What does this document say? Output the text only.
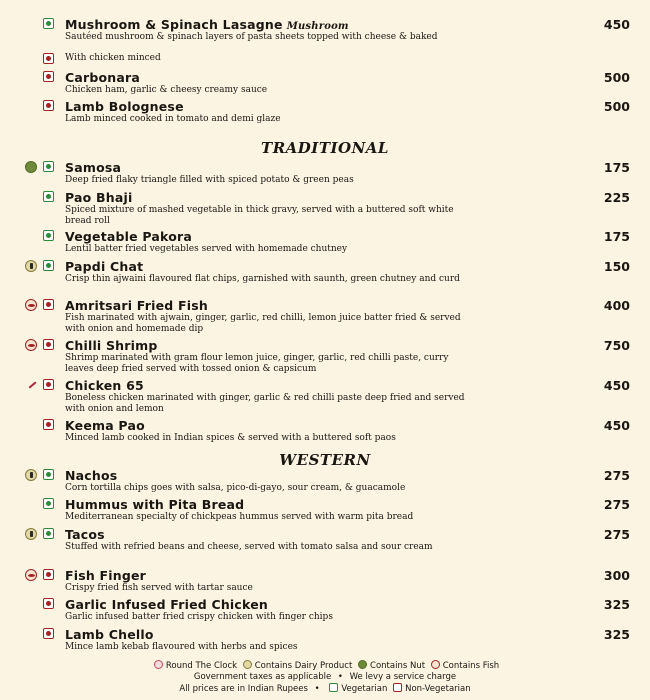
TRADITIONAL
WESTERN
Round The Clock Contains Dairy Product Contains Nut Contains Fish
Government taxes as applicable • We levy a service charge
All prices are in Indian Rupees •	Vegetarian Non-Vegetarian
Mushroom & Spinach Lasagne Mushroom	450
Sautéed mushroom & spinach layers of pasta sheets topped with cheese & baked
With chicken minced
Carbonara	500
Chicken ham, garlic & cheesy creamy sauce
Lamb Bolognese	500
Lamb minced cooked in tomato and demi glaze
Samosa	175
Deep fried flaky triangle filled with spiced potato & green peas
Pao Bhaji	225
Spiced mixture of mashed vegetable in thick gravy, served with a buttered soft white bread roll
Vegetable Pakora	175
Lentil batter fried vegetables served with homemade chutney
Papdi Chat	150
Crisp thin ajwaini flavoured flat chips, garnished with saunth, green chutney and curd
Amritsari Fried Fish	400
Fish marinated with ajwain, ginger, garlic, red chilli, lemon juice batter fried & served with onion and homemade dip
Chilli Shrimp	750
Shrimp marinated with gram flour lemon juice, ginger, garlic, red chilli paste, curry leaves deep fried served with tossed onion & capsicum
Chicken 65	450
Boneless chicken marinated with ginger, garlic & red chilli paste deep fried and served with onion and lemon
Keema Pao	450
Minced lamb cooked in Indian spices & served with a buttered soft paos
Nachos	275
Corn tortilla chips goes with salsa, pico-di-gayo, sour cream, & guacamole
Hummus with Pita Bread	275
Mediterranean specialty of chickpeas hummus served with warm pita bread
Tacos	275
Stuffed with refried beans and cheese, served with tomato salsa and sour cream
Fish Finger	300
Crispy fried fish served with tartar sauce
Garlic Infused Fried Chicken	325
Garlic infused batter fried crispy chicken with finger chips
Lamb Chello	325
Mince lamb kebab flavoured with herbs and spices
